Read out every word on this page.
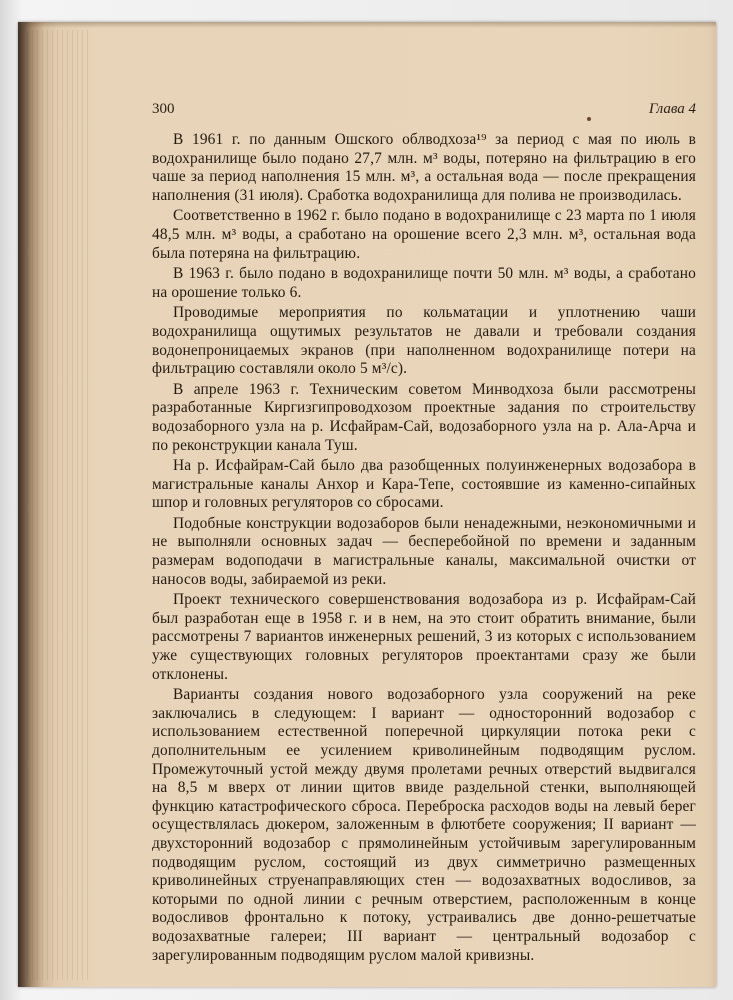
300	Глава 4

В 1961 г. по данным Ошского облводхоза¹⁹ за период с мая по июль в водохранилище было подано 27,7 млн. м³ воды, потеряно на фильтрацию в его чаше за период наполнения 15 млн. м³, а остальная вода — после прекращения наполнения (31 июля). Сработка водохранилища для полива не производилась.

Соответственно в 1962 г. было подано в водохранилище с 23 марта по 1 июля 48,5 млн. м³ воды, а сработано на орошение всего 2,3 млн. м³, остальная вода была потеряна на фильтрацию.

В 1963 г. было подано в водохранилище почти 50 млн. м³ воды, а сработано на орошение только 6.

Проводимые мероприятия по кольматации и уплотнению чаши водохранилища ощутимых результатов не давали и требовали создания водонепроницаемых экранов (при наполненном водохранилище потери на фильтрацию составляли около 5 м³/с).

В апреле 1963 г. Техническим советом Минводхоза были рассмотрены разработанные Киргизгипроводхозом проектные задания по строительству водозаборного узла на р. Исфайрам-Сай, водозаборного узла на р. Ала-Арча и по реконструкции канала Туш.

На р. Исфайрам-Сай было два разобщенных полуинженерных водозабора в магистральные каналы Анхор и Кара-Тепе, состоявшие из каменно-сипайных шпор и головных регуляторов со сбросами.

Подобные конструкции водозаборов были ненадежными, неэкономичными и не выполняли основных задач — бесперебойной по времени и заданным размерам водоподачи в магистральные каналы, максимальной очистки от наносов воды, забираемой из реки.

Проект технического совершенствования водозабора из р. Исфайрам-Сай был разработан еще в 1958 г. и в нем, на это стоит обратить внимание, были рассмотрены 7 вариантов инженерных решений, 3 из которых с использованием уже существующих головных регуляторов проектантами сразу же были отклонены.

Варианты создания нового водозаборного узла сооружений на реке заключались в следующем: I вариант — односторонний водозабор с использованием естественной поперечной циркуляции потока реки с дополнительным ее усилением криволинейным подводящим руслом. Промежуточный устой между двумя пролетами речных отверстий выдвигался на 8,5 м вверх от линии щитов ввиде раздельной стенки, выполняющей функцию катастрофического сброса. Переброска расходов воды на левый берег осуществлялась дюкером, заложенным в флютбете сооружения; II вариант — двухсторонний водозабор с прямолинейным устойчивым зарегулированным подводящим руслом, состоящий из двух симметрично размещенных криволинейных струенаправляющих стен — водозахватных водосливов, за которыми по одной линии с речным отверстием, расположенным в конце водосливов фронтально к потоку, устраивались две донно-решетчатые водозахватные галереи; III вариант — центральный водозабор с зарегулированным подводящим руслом малой кривизны.
